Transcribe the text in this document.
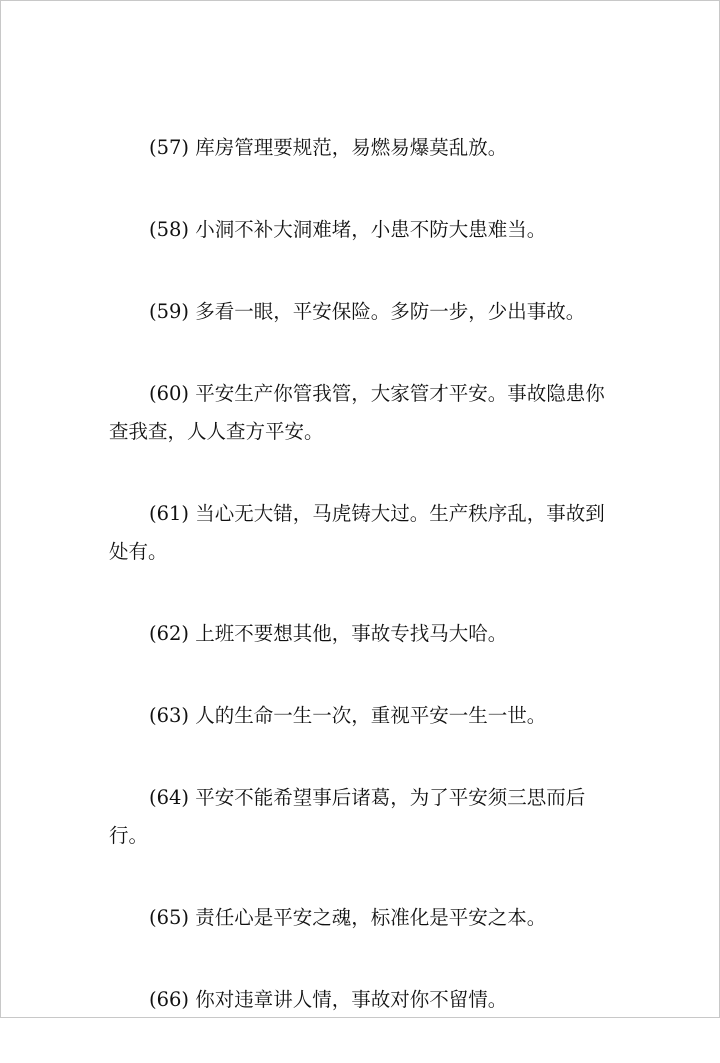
(57) 库房管理要规范，易燃易爆莫乱放。

(58) 小洞不补大洞难堵，小患不防大患难当。

(59) 多看一眼，平安保险。多防一步，少出事故。

(60) 平安生产你管我管，大家管才平安。事故隐患你查我查，人人查方平安。

(61) 当心无大错，马虎铸大过。生产秩序乱，事故到处有。

(62) 上班不要想其他，事故专找马大哈。

(63) 人的生命一生一次，重视平安一生一世。

(64) 平安不能希望事后诸葛，为了平安须三思而后行。

(65) 责任心是平安之魂，标准化是平安之本。

(66) 你对违章讲人情，事故对你不留情。
